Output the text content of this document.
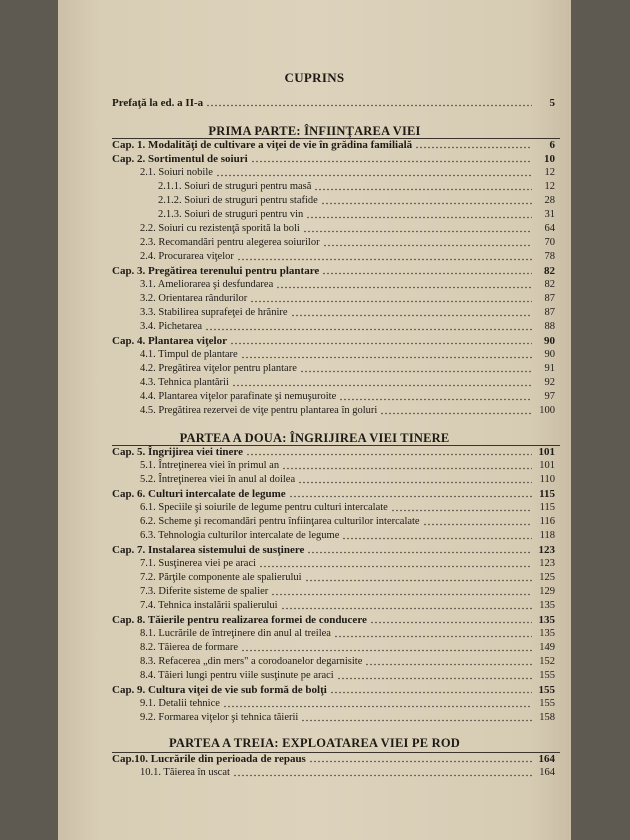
CUPRINS
Prefaţă la ed. a II-a	5
PRIMA PARTE: ÎNFIINŢAREA VIEI
Cap. 1. Modalităţi de cultivare a viţei de vie în grădina familială	6
Cap. 2. Sortimentul de soiuri	10
2.1. Soiuri nobile	12
2.1.1. Soiuri de struguri pentru masă	12
2.1.2. Soiuri de struguri pentru stafide	28
2.1.3. Soiuri de struguri pentru vin	31
2.2. Soiuri cu rezistenţă sporită la boli	64
2.3. Recomandări pentru alegerea soiurilor	70
2.4. Procurarea viţelor	78
Cap. 3. Pregătirea terenului pentru plantare	82
3.1. Ameliorarea şi desfundarea	82
3.2. Orientarea rândurilor	87
3.3. Stabilirea suprafeţei de hrănire	87
3.4. Pichetarea	88
Cap. 4. Plantarea viţelor	90
4.1. Timpul de plantare	90
4.2. Pregătirea viţelor pentru plantare	91
4.3. Tehnica plantării	92
4.4. Plantarea viţelor parafinate şi nemuşuroite	97
4.5. Pregătirea rezervei de viţe pentru plantarea în goluri	100
PARTEA A DOUA: ÎNGRIJIREA VIEI TINERE
Cap. 5. Îngrijirea viei tinere	101
5.1. Întreţinerea viei în primul an	101
5.2. Întreţinerea viei în anul al doilea	110
Cap. 6. Culturi intercalate de legume	115
6.1. Speciile şi soiurile de legume pentru culturi intercalate	115
6.2. Scheme şi recomandări pentru înfiinţarea culturilor intercalate	116
6.3. Tehnologia culturilor intercalate de legume	118
Cap. 7. Instalarea sistemului de susţinere	123
7.1. Susţinerea viei pe araci	123
7.2. Părţile componente ale spalierului	125
7.3. Diferite sisteme de spalier	129
7.4. Tehnica instalării spalierului	135
Cap. 8. Tăierile pentru realizarea formei de conducere	135
8.1. Lucrările de întreţinere din anul al treilea	135
8.2. Tăierea de formare	149
8.3. Refacerea „din mers" a corodoanelor degarnisite	152
8.4. Tăieri lungi pentru viile susţinute pe araci	155
Cap. 9. Cultura viţei de vie sub formă de bolţi	155
9.1. Detalii tehnice	155
9.2. Formarea viţelor şi tehnica tăierii	158
PARTEA A TREIA: EXPLOATAREA VIEI PE ROD
Cap.10. Lucrările din perioada de repaus	164
10.1. Tăierea în uscat	164
